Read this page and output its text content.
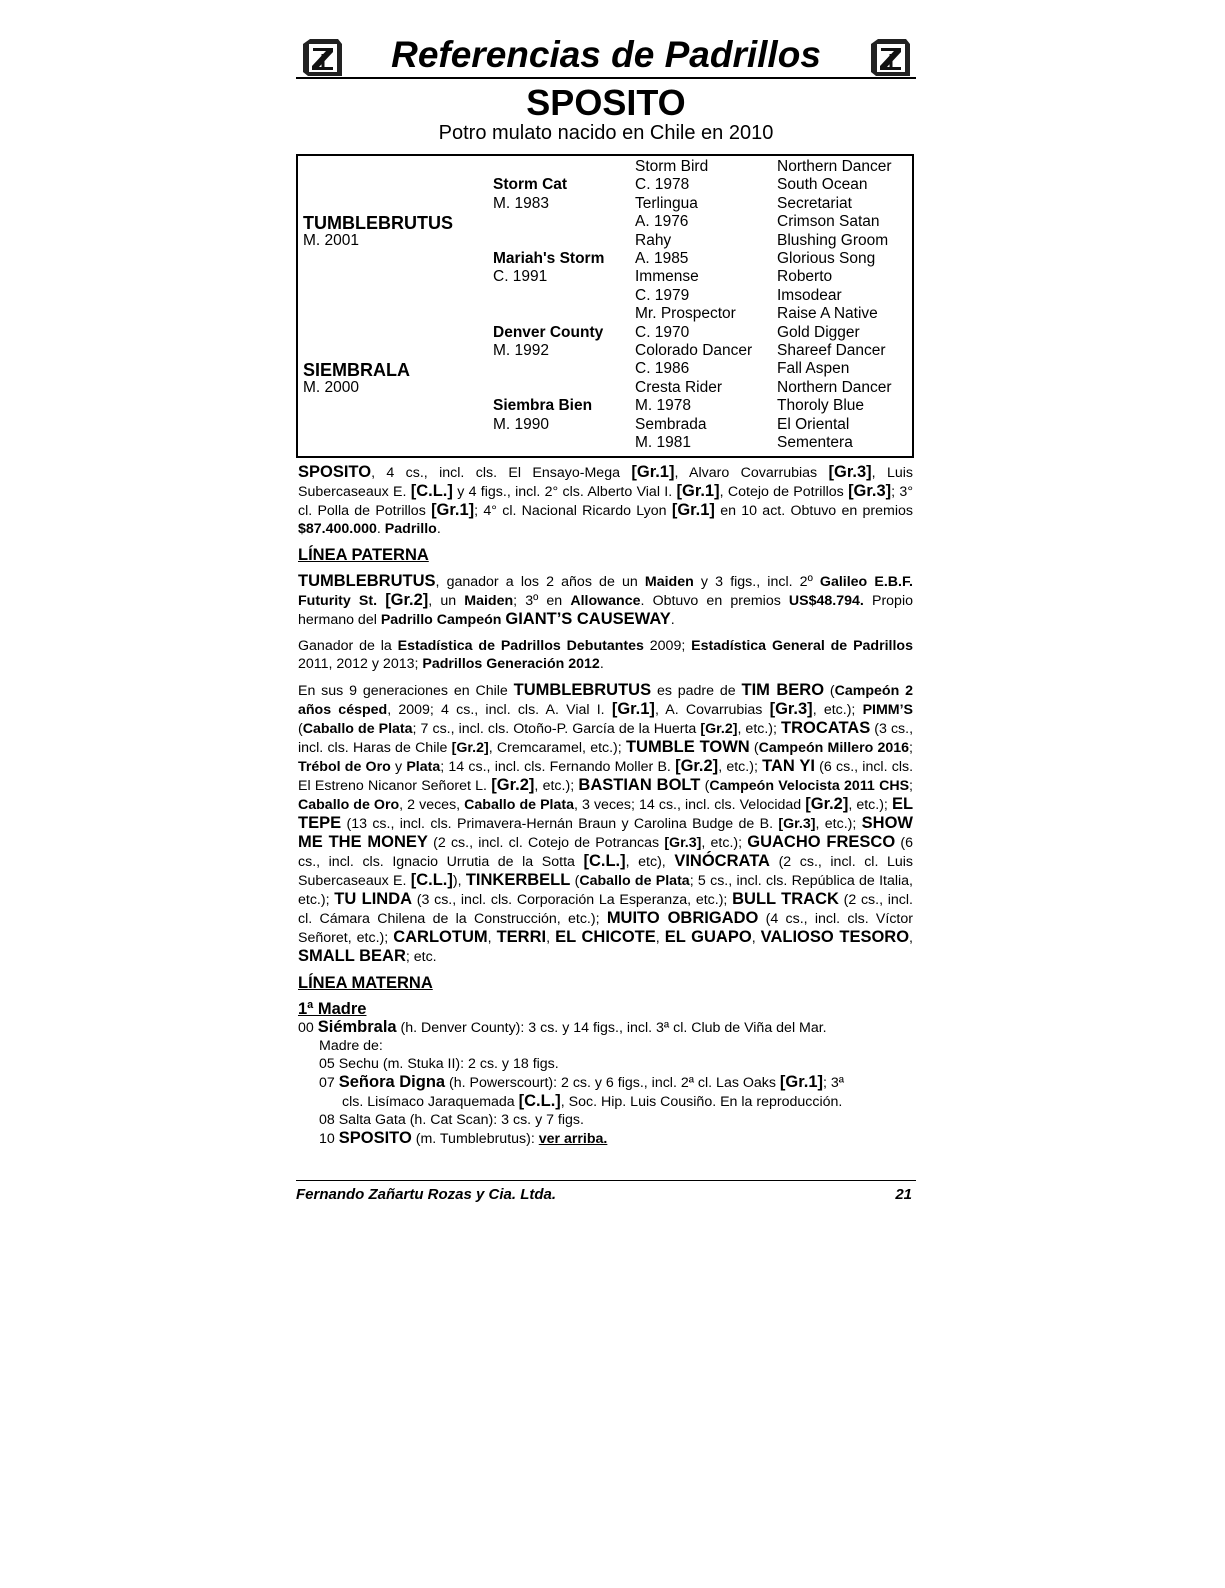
Referencias de Padrillos
SPOSITO
Potro mulato nacido en Chile en 2010
Storm Bird
C. 1978
Terlingua
A. 1976
Rahy
A. 1985
Immense
C. 1979
Mr. Prospector
C. 1970
Colorado Dancer
C. 1986
Cresta Rider
M. 1978
Sembrada
M. 1981
Northern Dancer
South Ocean
Secretariat
Crimson Satan
Blushing Groom
Glorious Song
Roberto
Imsodear
Raise A Native
Gold Digger
Shareef Dancer
Fall Aspen
Northern Dancer
Thoroly Blue
El Oriental
Sementera
Storm Cat
M. 1983
Mariah's Storm
C. 1991
Denver County
M. 1992
Siembra Bien
M. 1990
TUMBLEBRUTUS
M. 2001
SIEMBRALA
M. 2000

SPOSITO, 4 cs., incl. cls. El Ensayo-Mega [Gr.1], Alvaro Covarrubias [Gr.3], Luis Subercaseaux E. [C.L.] y 4 figs., incl. 2° cls. Alberto Vial I. [Gr.1], Cotejo de Potrillos [Gr.3]; 3° cl. Polla de Potrillos [Gr.1]; 4° cl. Nacional Ricardo Lyon [Gr.1] en 10 act. Obtuvo en premios $87.400.000. Padrillo.

LÍNEA PATERNA

TUMBLEBRUTUS, ganador a los 2 años de un Maiden y 3 figs., incl. 2º Galileo E.B.F. Futurity St. [Gr.2], un Maiden; 3º en Allowance. Obtuvo en premios US$48.794. Propio hermano del Padrillo Campeón GIANT’S CAUSEWAY.

Ganador de la Estadística de Padrillos Debutantes 2009; Estadística General de Padrillos 2011, 2012 y 2013; Padrillos Generación 2012.

En sus 9 generaciones en Chile TUMBLEBRUTUS es padre de TIM BERO (Campeón 2 años césped, 2009; 4 cs., incl. cls. A. Vial I. [Gr.1], A. Covarrubias [Gr.3], etc.); PIMM’S (Caballo de Plata; 7 cs., incl. cls. Otoño-P. García de la Huerta [Gr.2], etc.); TROCATAS (3 cs., incl. cls. Haras de Chile [Gr.2], Cremcaramel, etc.); TUMBLE TOWN (Campeón Millero 2016; Trébol de Oro y Plata; 14 cs., incl. cls. Fernando Moller B. [Gr.2], etc.); TAN YI (6 cs., incl. cls. El Estreno Nicanor Señoret L. [Gr.2], etc.); BASTIAN BOLT (Campeón Velocista 2011 CHS; Caballo de Oro, 2 veces, Caballo de Plata, 3 veces; 14 cs., incl. cls. Velocidad [Gr.2], etc.); EL TEPE (13 cs., incl. cls. Primavera-Hernán Braun y Carolina Budge de B. [Gr.3], etc.); SHOW ME THE MONEY (2 cs., incl. cl. Cotejo de Potrancas [Gr.3], etc.); GUACHO FRESCO (6 cs., incl. cls. Ignacio Urrutia de la Sotta [C.L.], etc), VINÓCRATA (2 cs., incl. cl. Luis Subercaseaux E. [C.L.]), TINKERBELL (Caballo de Plata; 5 cs., incl. cls. República de Italia, etc.); TU LINDA (3 cs., incl. cls. Corporación La Esperanza, etc.); BULL TRACK (2 cs., incl. cl. Cámara Chilena de la Construcción, etc.); MUITO OBRIGADO (4 cs., incl. cls. Víctor Señoret, etc.); CARLOTUM, TERRI, EL CHICOTE, EL GUAPO, VALIOSO TESORO, SMALL BEAR; etc.

LÍNEA MATERNA
1ª Madre
00 Siémbrala (h. Denver County): 3 cs. y 14 figs., incl. 3ª cl. Club de Viña del Mar.
Madre de:
05 Sechu (m. Stuka II): 2 cs. y 18 figs.
07 Señora Digna (h. Powerscourt): 2 cs. y 6 figs., incl. 2ª cl. Las Oaks [Gr.1]; 3ª
cls. Lisímaco Jaraquemada [C.L.], Soc. Hip. Luis Cousiño. En la reproducción.
08 Salta Gata (h. Cat Scan): 3 cs. y 7 figs.
10 SPOSITO (m. Tumblebrutus): ver arriba.
Fernando Zañartu Rozas y Cia. Ltda.	21
